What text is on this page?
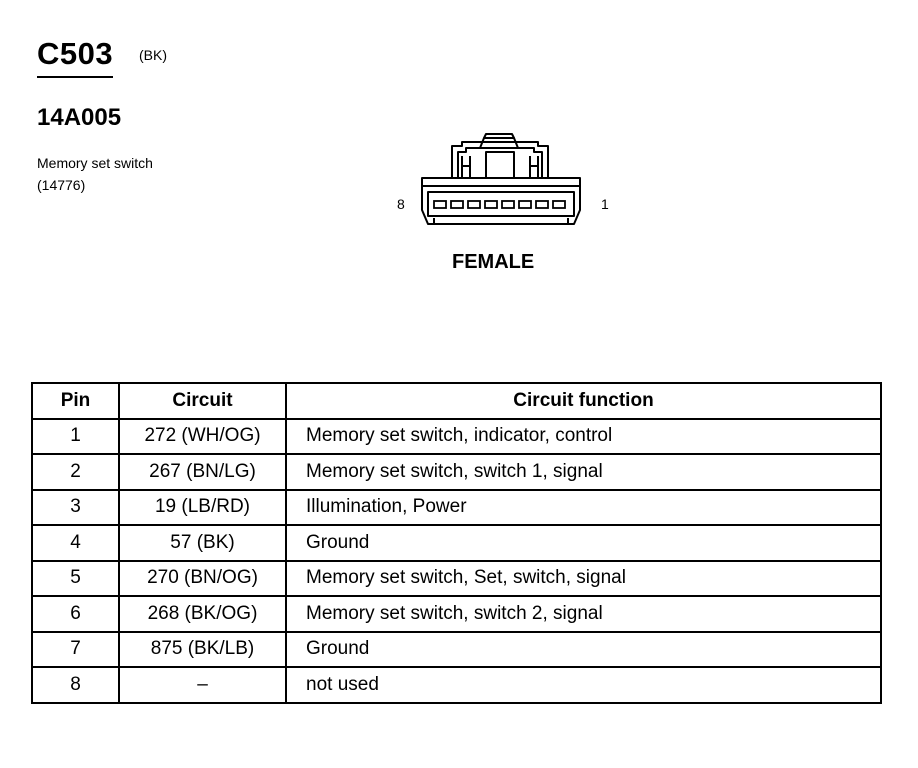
C503 (BK)
14A005
Memory set switch
(14776)
8	1
FEMALE
Pin	Circuit	Circuit function
1	272 (WH/OG)	Memory set switch, indicator, control
2	267 (BN/LG)	Memory set switch, switch 1, signal
3	19 (LB/RD)	Illumination, Power
4	57 (BK)	Ground
5	270 (BN/OG)	Memory set switch, Set, switch, signal
6	268 (BK/OG)	Memory set switch, switch 2, signal
7	875 (BK/LB)	Ground
8	–	not used
